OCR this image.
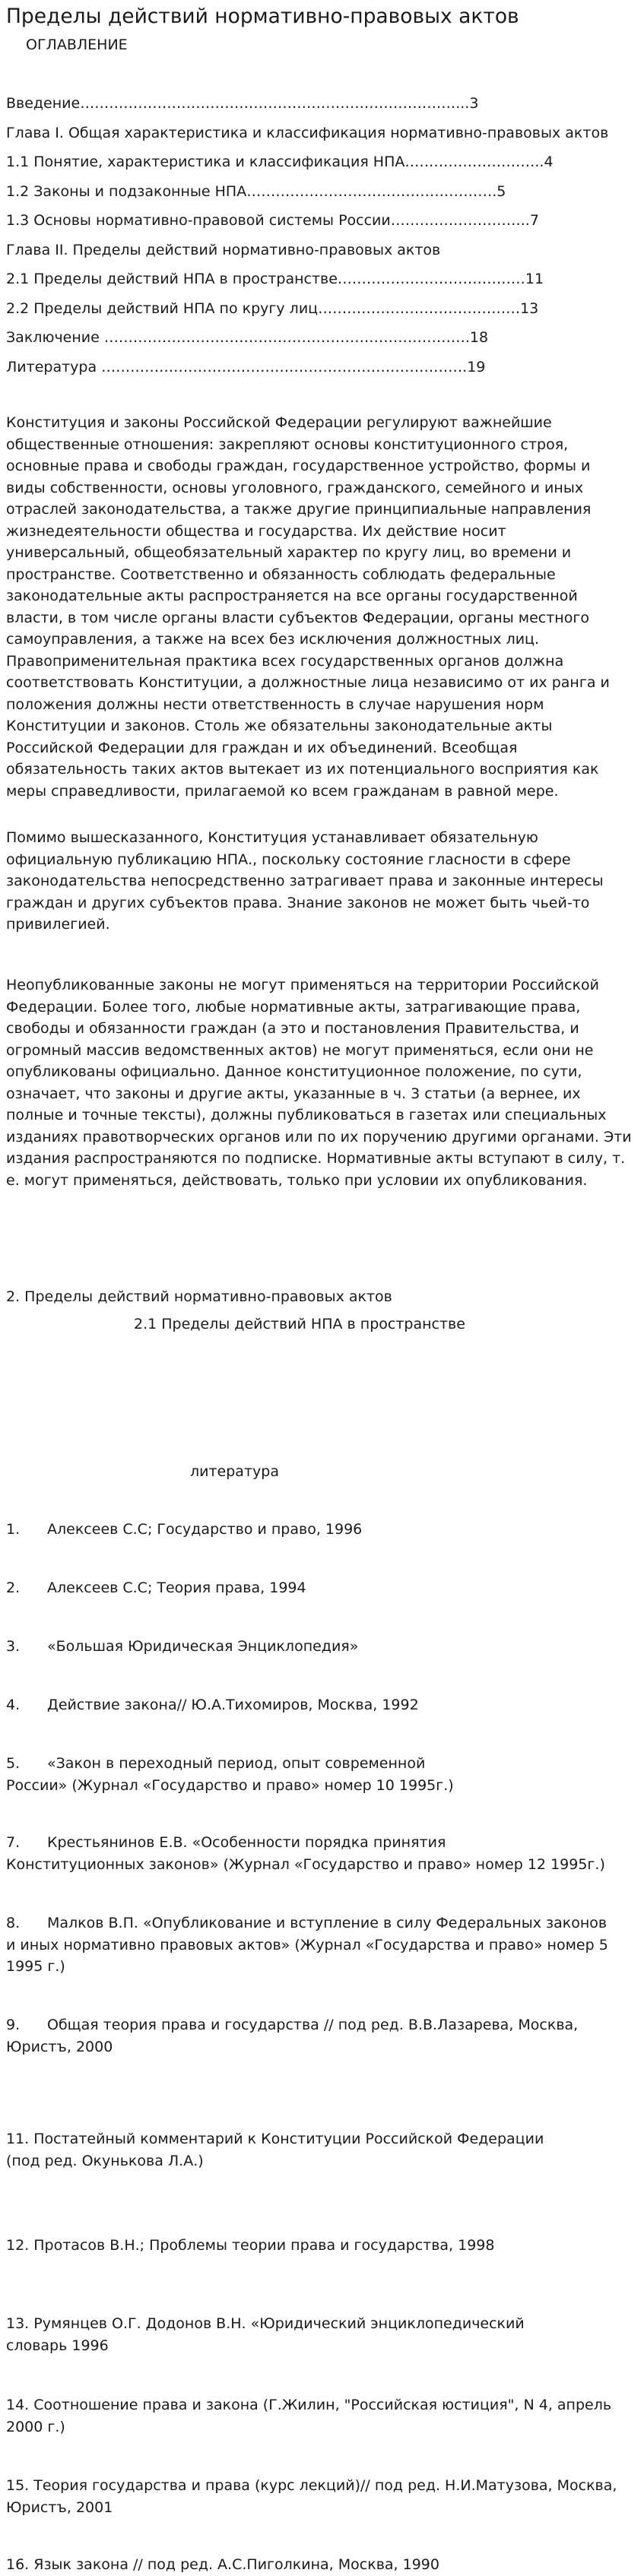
Пределы действий нормативно-правовых актов
ОГЛАВЛЕНИЕ
Введение……………………………………………………………………...3
Глава I. Общая характеристика и классификация нормативно-правовых актов
1.1 Понятие, характеристика и классификация НПА………………………..4
1.2 Законы и подзаконные НПА…………………………………………….5
1.3 Основы нормативно-правовой системы России………………………..7
Глава II. Пределы действий нормативно-правовых актов
2.1 Пределы действий НПА в пространстве…………………………………11
2.2 Пределы действий НПА по кругу лиц……………………………………13
Заключение ………………………………………………………………….18
Литература ………………………………………………………………….19

Конституция и законы Российской Федерации регулируют важнейшие общественные отношения: закрепляют основы конституционного строя, основные права и свободы граждан, государственное устройство, формы и виды собственности, основы уголовного, гражданского, семейного и иных отраслей законодательства, а также другие принципиальные направления жизнедеятельности общества и государства. Их действие носит универсальный, общеобязательный характер по кругу лиц, во времени и пространстве. Соответственно и обязанность соблюдать федеральные законодательные акты распространяется на все органы государственной власти, в том числе органы власти субъектов Федерации, органы местного самоуправления, а также на всех без исключения должностных лиц. Правоприменительная практика всех государственных органов должна соответствовать Конституции, а должностные лица независимо от их ранга и положения должны нести ответственность в случае нарушения норм Конституции и законов. Столь же обязательны законодательные акты Российской Федерации для граждан и их объединений. Всеобщая обязательность таких актов вытекает из их потенциального восприятия как меры справедливости, прилагаемой ко всем гражданам в равной мере.

Помимо вышесказанного, Конституция устанавливает обязательную официальную публикацию НПА., поскольку состояние гласности в сфере законодательства непосредственно затрагивает права и законные интересы граждан и других субъектов права. Знание законов не может быть чьей-то привилегией.

Неопубликованные законы не могут применяться на территории Российской Федерации. Более того, любые нормативные акты, затрагивающие права, свободы и обязанности граждан (а это и постановления Правительства, и огромный массив ведомственных актов) не могут применяться, если они не опубликованы официально. Данное конституционное положение, по сути, означает, что законы и другие акты, указанные в ч. 3 статьи (а вернее, их полные и точные тексты), должны публиковаться в газетах или специальных изданиях правотворческих органов или по их поручению другими органами. Эти издания распространяются по подписке. Нормативные акты вступают в силу, т. е. могут применяться, действовать, только при условии их опубликования.

2. Пределы действий нормативно-правовых актов
2.1 Пределы действий НПА в пространстве
литература
1. Алексеев С.С; Государство и право, 1996
2. Алексеев С.С; Теория права, 1994
3. «Большая Юридическая Энциклопедия»
4. Действие закона// Ю.А.Тихомиров, Москва, 1992
5. «Закон в переходный период, опыт современной
России» (Журнал «Государство и право» номер 10 1995г.)
7. Крестьянинов Е.В. «Особенности порядка принятия
Конституционных законов» (Журнал «Государство и право» номер 12 1995г.)
8. Малков В.П. «Опубликование и вступление в силу Федеральных законов
и иных нормативно правовых актов» (Журнал «Государства и право» номер 5 1995 г.)
9. Общая теория права и государства // под ред. В.В.Лазарева, Москва,
Юристъ, 2000
11. Постатейный комментарий к Конституции Российской Федерации
(под ред. Окунькова Л.А.)
12. Протасов В.Н.; Проблемы теории права и государства, 1998
13. Румянцев О.Г. Додонов В.Н. «Юридический энциклопедический
словарь 1996
14. Соотношение права и закона (Г.Жилин, "Российская юстиция", N 4, апрель
2000 г.)
15. Теория государства и права (курс лекций)// под ред. Н.И.Матузова, Москва,
Юристъ, 2001
16. Язык закона // под ред. А.С.Пиголкина, Москва, 1990
